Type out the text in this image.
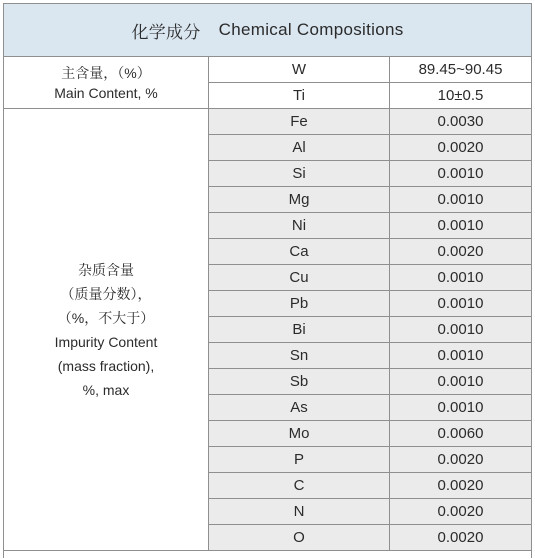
化学成分 Chemical Compositions
主含量，（%）
Main Content, %
杂质含量
（质量分数），
（%，不大于）
Impurity Content
(mass fraction),
%, max
W	89.45~90.45
Ti	10±0.5
Fe	0.0030
Al	0.0020
Si	0.0010
Mg	0.0010
Ni	0.0010
Ca	0.0020
Cu	0.0010
Pb	0.0010
Bi	0.0010
Sn	0.0010
Sb	0.0010
As	0.0010
Mo	0.0060
P	0.0020
C	0.0020
N	0.0020
O	0.0020
